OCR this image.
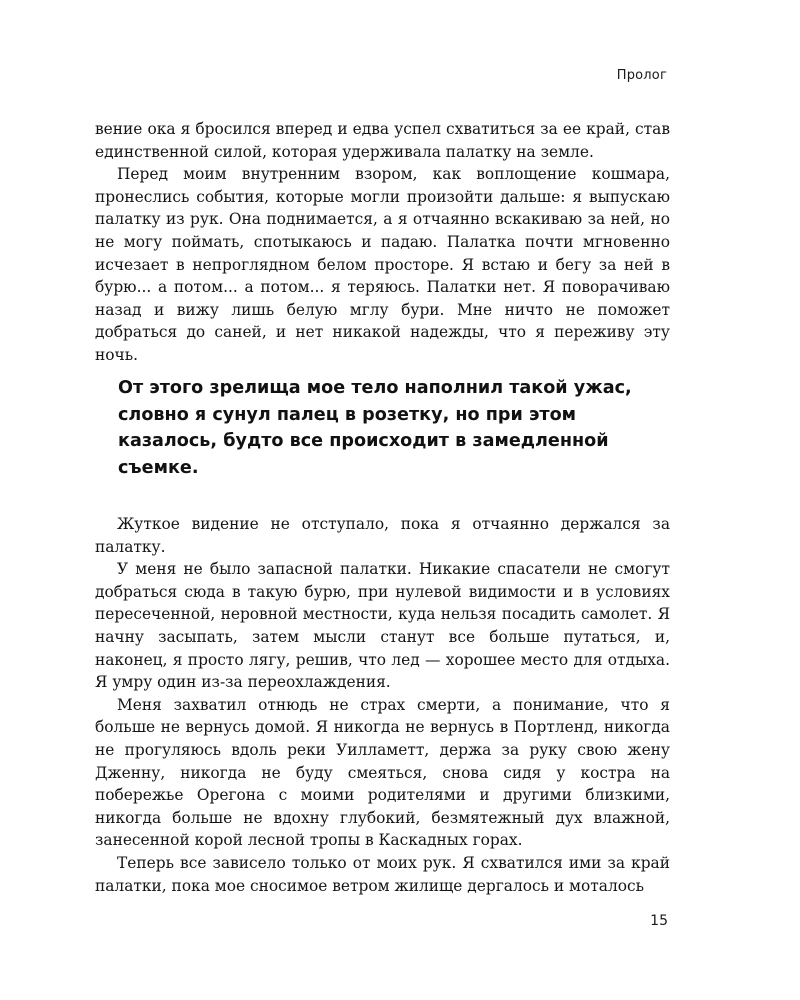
Пролог

вение ока я бросился вперед и едва успел схватиться за ее край, став единственной силой, которая удерживала палатку на земле.

Перед моим внутренним взором, как воплощение кошмара, пронеслись события, которые могли произойти дальше: я выпускаю палатку из рук. Она поднимается, а я отчаянно вскакиваю за ней, но не могу поймать, спотыкаюсь и падаю. Палатка почти мгновенно исчезает в непроглядном белом просторе. Я встаю и бегу за ней в бурю... а потом... а потом... я теряюсь. Палатки нет. Я поворачиваю назад и вижу лишь белую мглу бури. Мне ничто не поможет добраться до саней, и нет никакой надежды, что я переживу эту ночь.

От этого зрелища мое тело наполнил такой ужас, словно я сунул палец в розетку, но при этом казалось, будто все происходит в замедленной съемке.

Жуткое видение не отступало, пока я отчаянно держался за палатку.

У меня не было запасной палатки. Никакие спасатели не смогут добраться сюда в такую бурю, при нулевой видимости и в условиях пересеченной, неровной местности, куда нельзя посадить самолет. Я начну засыпать, затем мысли станут все больше путаться, и, наконец, я просто лягу, решив, что лед — хорошее место для отдыха. Я умру один из-за переохлаждения.

Меня захватил отнюдь не страх смерти, а понимание, что я больше не вернусь домой. Я никогда не вернусь в Портленд, никогда не прогуляюсь вдоль реки Уилламетт, держа за руку свою жену Дженну, никогда не буду смеяться, снова сидя у костра на побережье Орегона с моими родителями и другими близкими, никогда больше не вдохну глубокий, безмятежный дух влажной, занесенной корой лесной тропы в Каскадных горах.

Теперь все зависело только от моих рук. Я схватился ими за край палатки, пока мое сносимое ветром жилище дергалось и моталось

15
